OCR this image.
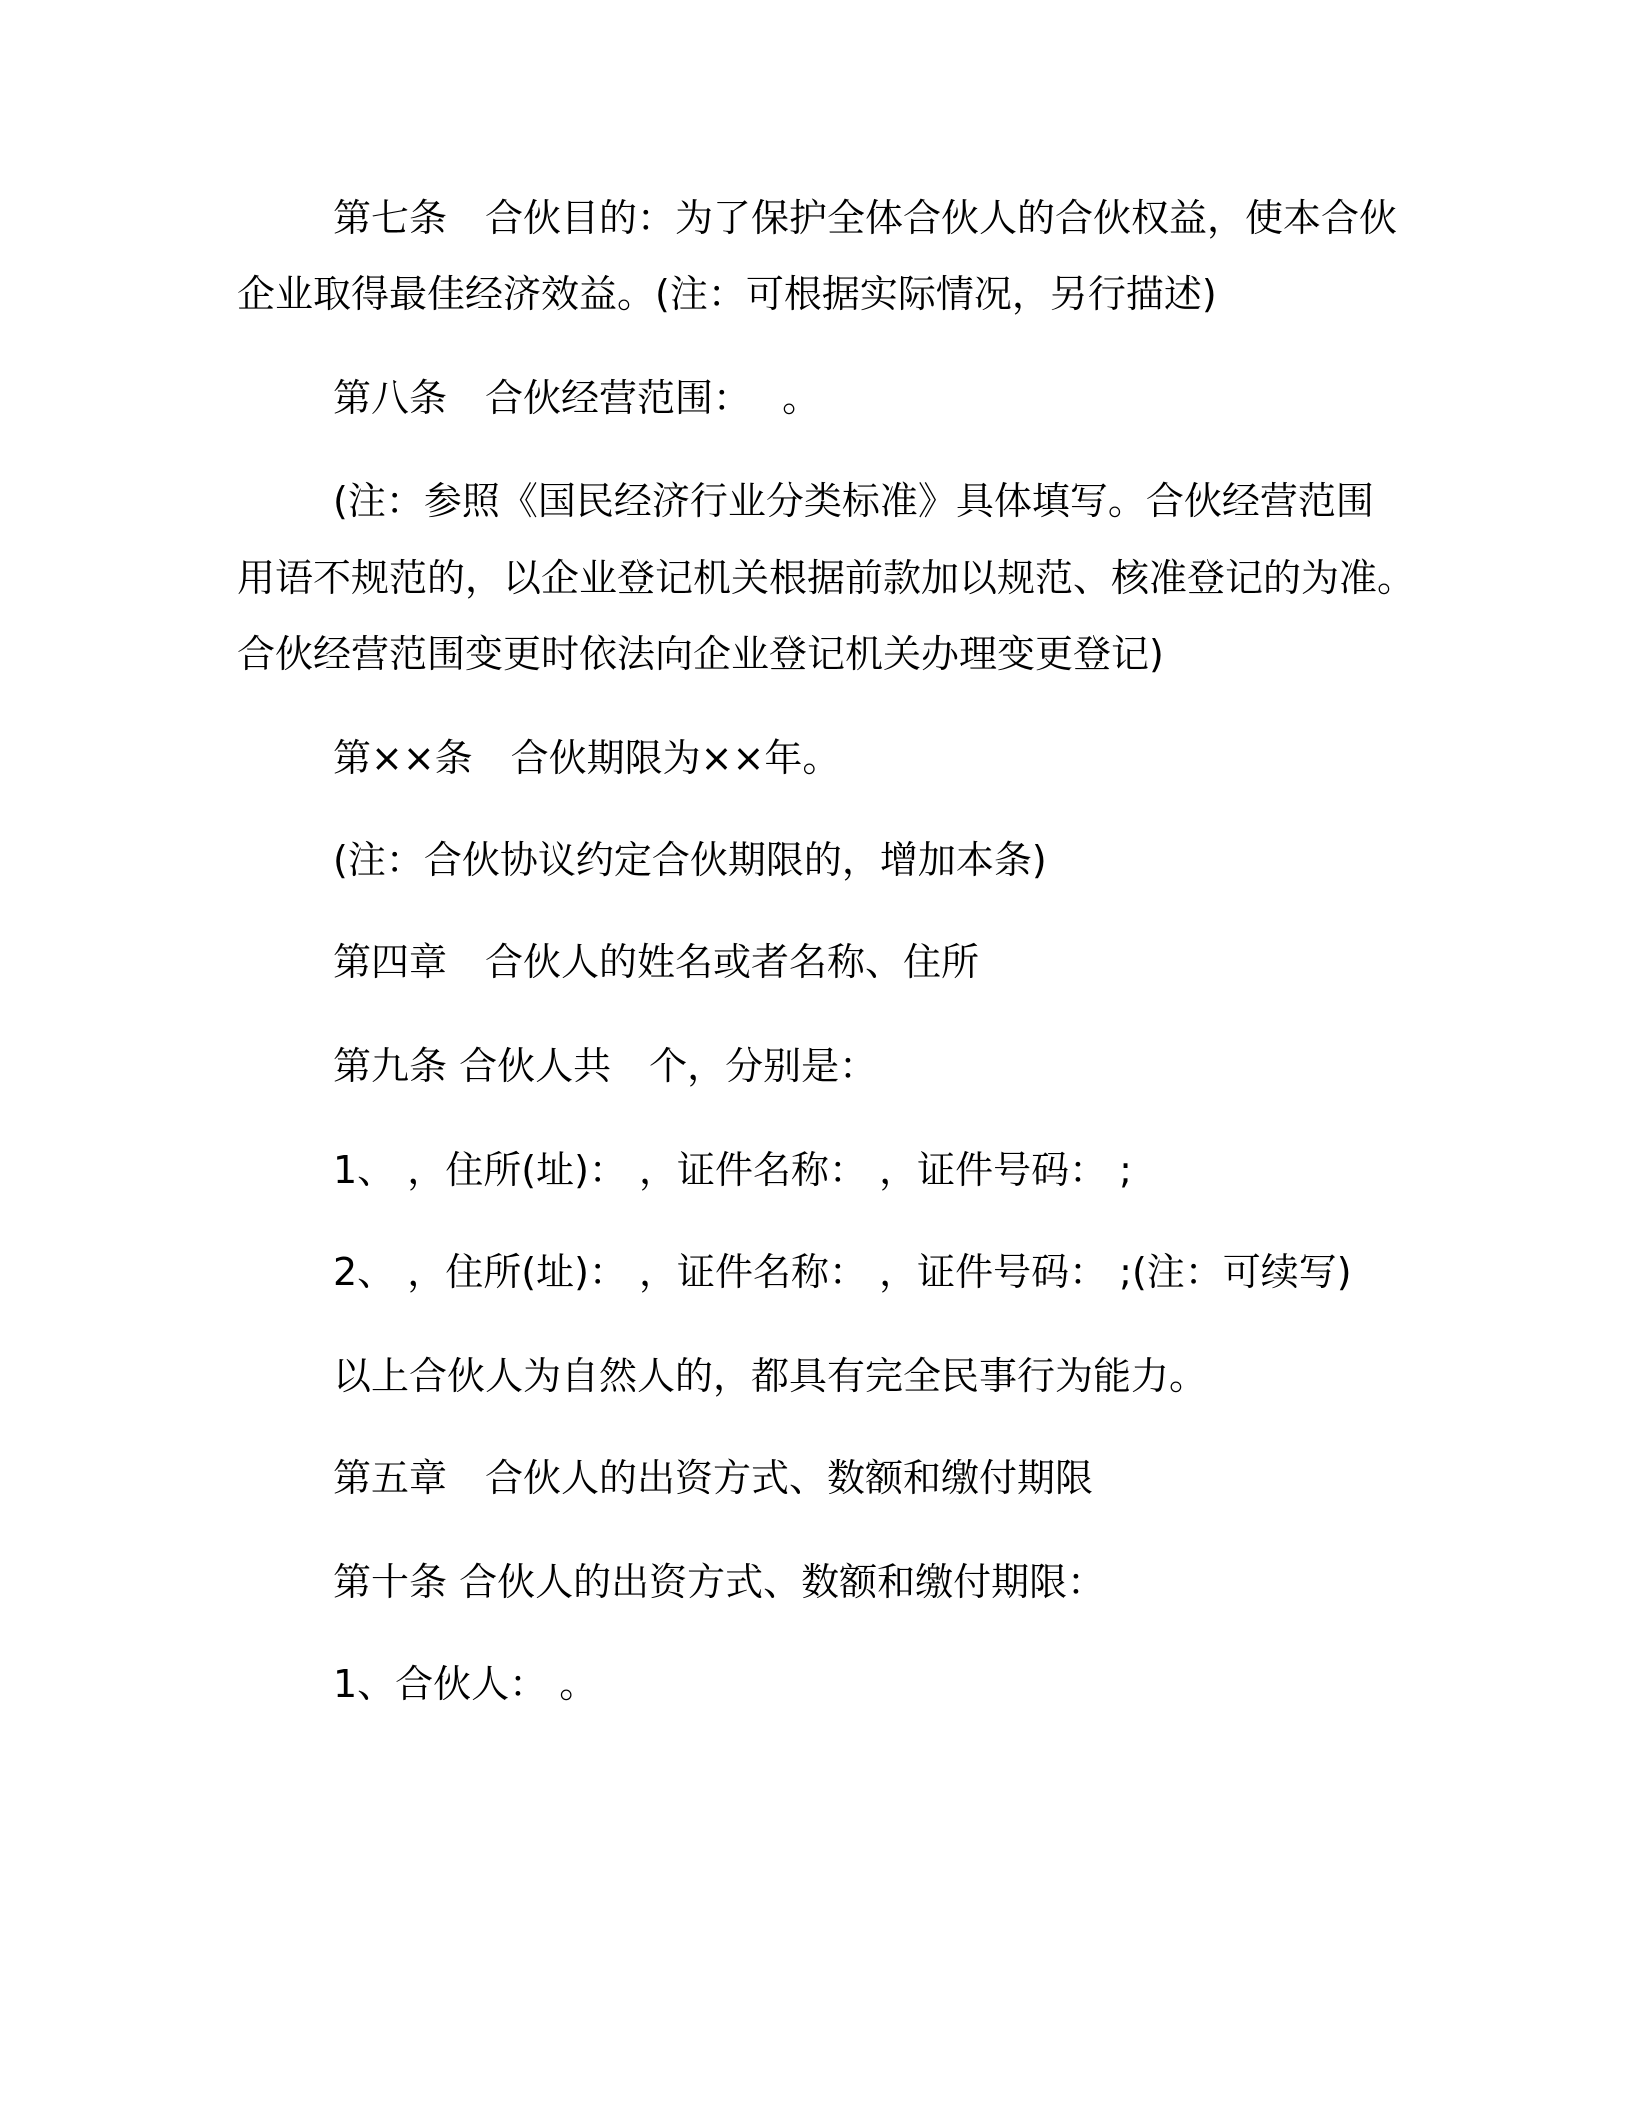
第七条　合伙目的：为了保护全体合伙人的合伙权益，使本合伙
企业取得最佳经济效益。(注：可根据实际情况，另行描述)
第八条　合伙经营范围：　 。
(注：参照《国民经济行业分类标准》具体填写。合伙经营范围
用语不规范的，以企业登记机关根据前款加以规范、核准登记的为准。
合伙经营范围变更时依法向企业登记机关办理变更登记)
第××条　合伙期限为××年。
(注：合伙协议约定合伙期限的，增加本条)
第四章　合伙人的姓名或者名称、住所
第九条 合伙人共　个，分别是：
1、 ，住所(址)： ，证件名称： ，证件号码： ;
2、 ，住所(址)： ，证件名称： ，证件号码： ;(注：可续写)
以上合伙人为自然人的，都具有完全民事行为能力。
第五章　合伙人的出资方式、数额和缴付期限
第十条 合伙人的出资方式、数额和缴付期限：
1、合伙人： 。
